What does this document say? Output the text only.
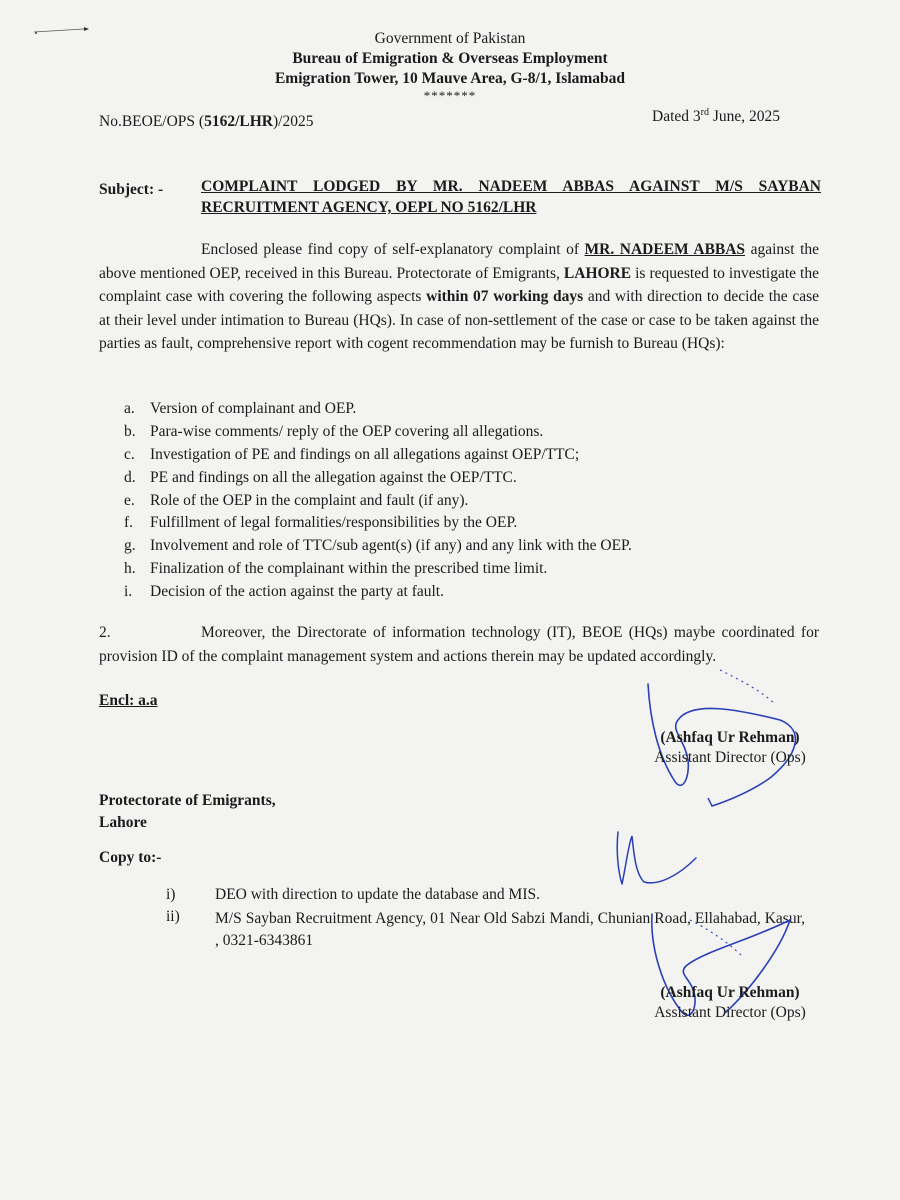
Government of Pakistan
Bureau of Emigration & Overseas Employment
Emigration Tower, 10 Mauve Area, G-8/1, Islamabad
*******
No.BEOE/OPS (5162/LHR)/2025	Dated 3rd June, 2025
Subject: - COMPLAINT LODGED BY MR. NADEEM ABBAS AGAINST M/S SAYBAN
RECRUITMENT AGENCY, OEPL NO 5162/LHR
Enclosed please find copy of self-explanatory complaint of MR. NADEEM ABBAS against the above mentioned OEP, received in this Bureau. Protectorate of Emigrants, LAHORE is requested to investigate the complaint case with covering the following aspects within 07 working days and with direction to decide the case at their level under intimation to Bureau (HQs). In case of non-settlement of the case or case to be taken against the parties as fault, comprehensive report with cogent recommendation may be furnish to Bureau (HQs):
a. Version of complainant and OEP.
b. Para-wise comments/ reply of the OEP covering all allegations.
c. Investigation of PE and findings on all allegations against OEP/TTC;
d. PE and findings on all the allegation against the OEP/TTC.
e. Role of the OEP in the complaint and fault (if any).
f. Fulfillment of legal formalities/responsibilities by the OEP.
g. Involvement and role of TTC/sub agent(s) (if any) and any link with the OEP.
h. Finalization of the complainant within the prescribed time limit.
i. Decision of the action against the party at fault.
2.	Moreover, the Directorate of information technology (IT), BEOE (HQs) maybe coordinated for provision ID of the complaint management system and actions therein may be updated accordingly.
Encl: a.a
(Ashfaq Ur Rehman)
Assistant Director (Ops)
Protectorate of Emigrants,
Lahore
Copy to:-
i)	DEO with direction to update the database and MIS.
ii) M/S Sayban Recruitment Agency, 01 Near Old Sabzi Mandi, Chunian Road, Ellahabad, Kasur, , 0321-6343861
(Ashfaq Ur Rehman)
Assistant Director (Ops)
